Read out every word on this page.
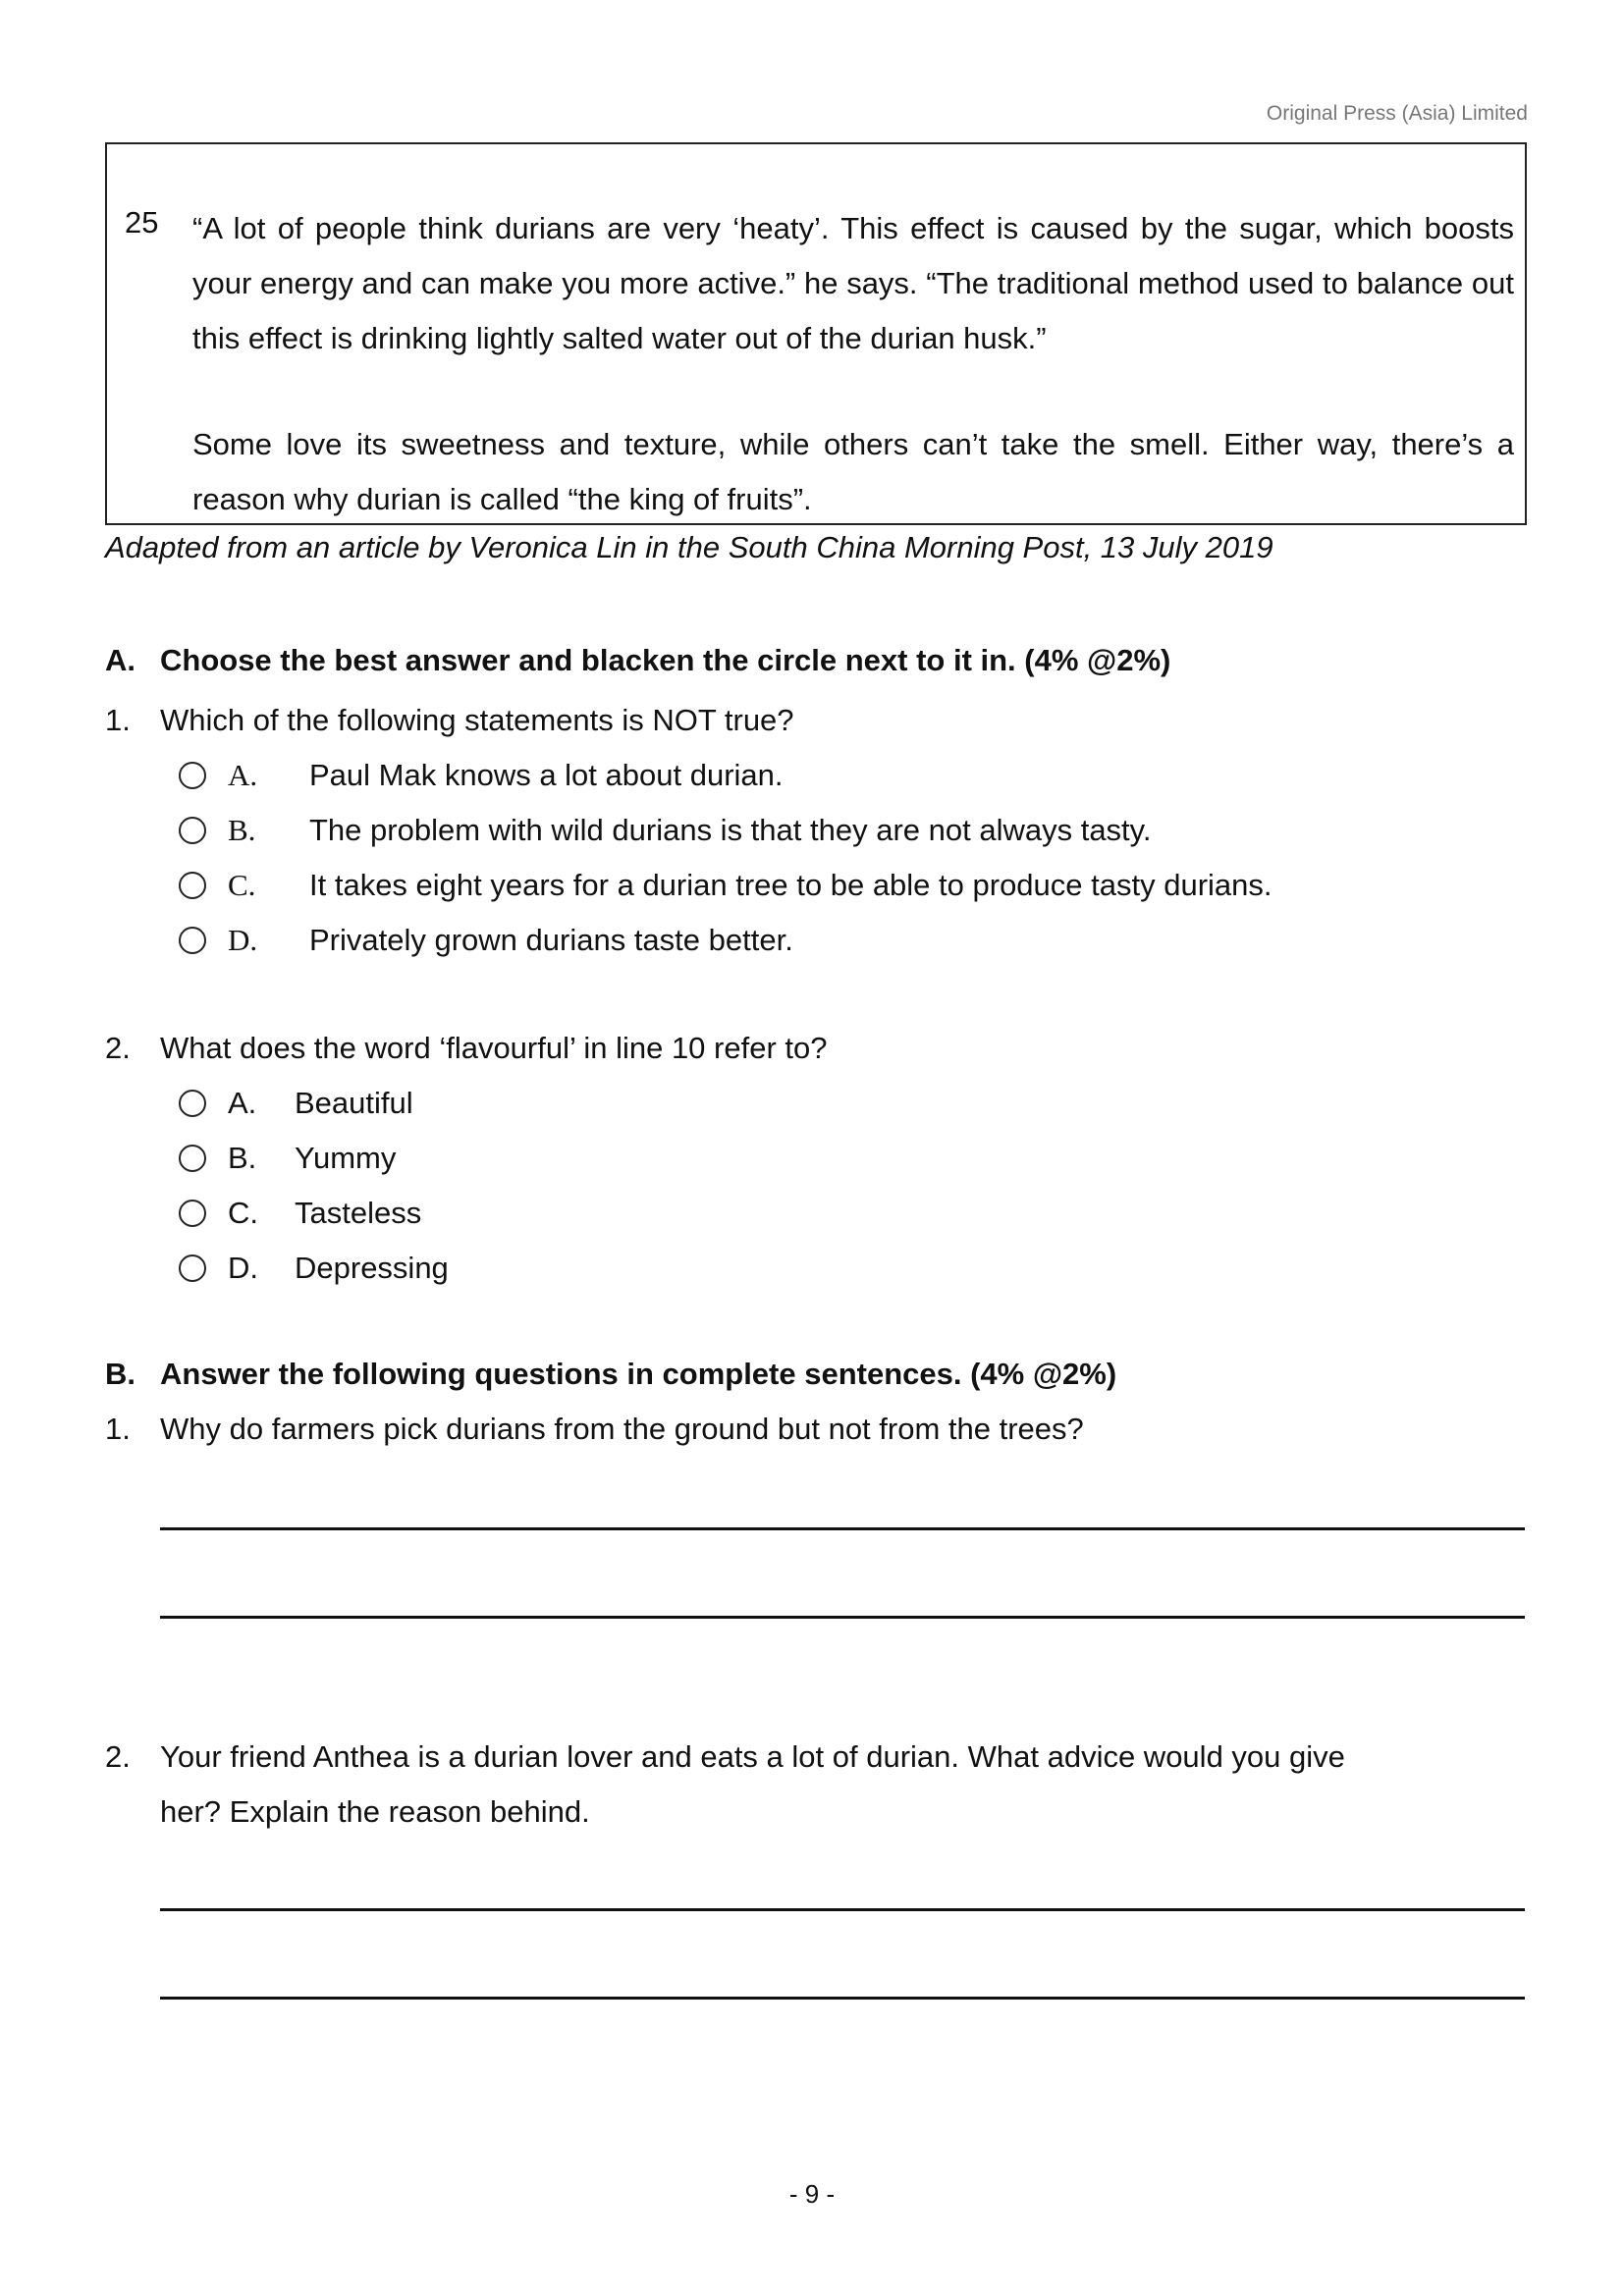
Original Press (Asia) Limited
25 “A lot of people think durians are very ‘heaty’. This effect is caused by the sugar, which boosts your energy and can make you more active.” he says. “The traditional method used to balance out this effect is drinking lightly salted water out of the durian husk.”

Some love its sweetness and texture, while others can’t take the smell. Either way, there’s a reason why durian is called “the king of fruits”.

Adapted from an article by Veronica Lin in the South China Morning Post, 13 July 2019
A. Choose the best answer and blacken the circle next to it in. (4% @2%)
1. Which of the following statements is NOT true?
A.	Paul Mak knows a lot about durian.
B.	The problem with wild durians is that they are not always tasty.
C.	It takes eight years for a durian tree to be able to produce tasty durians.
D.	Privately grown durians taste better.
2. What does the word ‘flavourful’ in line 10 refer to?
A.	Beautiful
B.	Yummy
C.	Tasteless
D.	Depressing
B. Answer the following questions in complete sentences. (4% @2%)
1. Why do farmers pick durians from the ground but not from the trees?
2. Your friend Anthea is a durian lover and eats a lot of durian. What advice would you give
her? Explain the reason behind.
- 9 -
